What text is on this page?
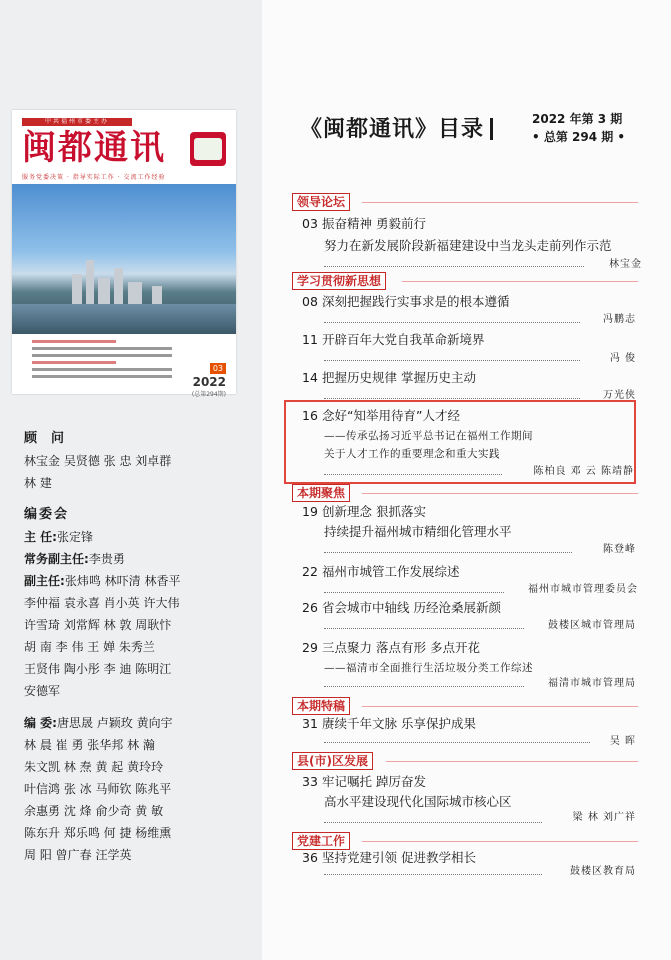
中共福州市委主办
闽都通讯
服务党委决策 · 指导实际工作 · 交流工作经验
03
2022
(总第294期)
顾问
林宝金 吴贤德 张 忠 刘卓群
林 建
编委会
主 任:张定锋
常务副主任:李贵勇
副主任:张炜鸣 林吓清 林香平
李仲福 袁永喜 肖小英 许大伟
许雪琦 刘常辉 林 敦 周耿忭
胡 南 李 伟 王 婵 朱秀兰
王贤伟 陶小彤 李 迪 陈明江
安德军
编 委:唐思晟 卢颖玫 黄向宇
林 晨 崔 勇 张华邦 林 瀚
朱文凯 林 焘 黄 起 黄玲玲
叶信鸿 张 冰 马师钦 陈兆平
余惠勇 沈 烽 俞少奇 黄 敏
陈东升 郑乐鸣 何 捷 杨维熏
周 阳 曾广春 汪学英
《闽都通讯》目录	2022 年第 3 期
• 总第 294 期 •
领导论坛
03 振奋精神 勇毅前行
努力在新发展阶段新福建建设中当龙头走前列作示范
林宝金
学习贯彻新思想
08 深刻把握践行实事求是的根本遵循
冯鹏志
11 开辟百年大党自我革命新境界
冯 俊
14 把握历史规律 掌握历史主动
万光侠
16 念好“知举用待育”人才经
——传承弘扬习近平总书记在福州工作期间
关于人才工作的重要理念和重大实践
陈柏良 邓 云 陈靖静
本期聚焦
19 创新理念 狠抓落实
持续提升福州城市精细化管理水平
陈登峰
22 福州市城管工作发展综述
福州市城市管理委员会
26 省会城市中轴线 历经沧桑展新颜
鼓楼区城市管理局
29 三点聚力 落点有形 多点开花
——福清市全面推行生活垃圾分类工作综述
福清市城市管理局
本期特稿
31 赓续千年文脉 乐享保护成果
吴 晖
县(市)区发展
33 牢记嘱托 踔厉奋发
高水平建设现代化国际城市核心区
梁 林 刘广祥
党建工作
36 坚持党建引领 促进教学相长
鼓楼区教育局
